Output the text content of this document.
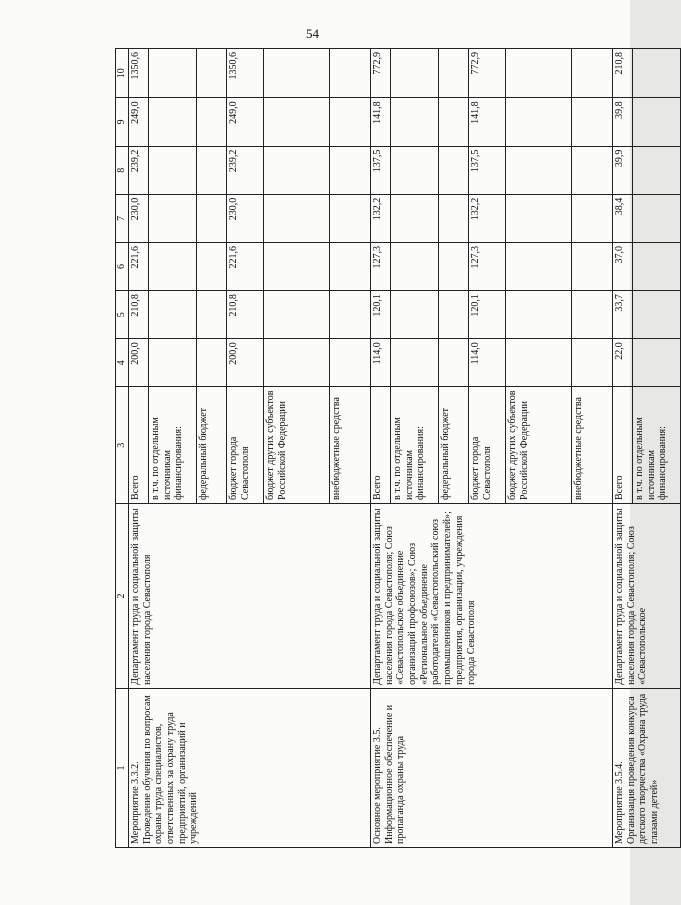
54
1	2	3	4	5	6	7	8	9	10
Мероприятие 3.3.2.
Проведение обучения по вопросам охраны труда специалистов, ответственных за охрану труда предприятий, организаций и учреждений	Департамент труда и социальной защиты населения города Севастополя	Всего	200,0	210,8	221,6	230,0	239,2	249,0	1350,6
		в т.ч. по отдельным источникам финансирования:							
		федеральный бюджет							
		бюджет города Севастополя	200,0	210,8	221,6	230,0	239,2	249,0	1350,6
		бюджет других субъектов Российской Федерации							
		внебюджетные средства							
Основное мероприятие 3.5.
Информационное обеспечение и пропаганда охраны труда	Департамент труда и социальной защиты населения города Севастополя; Союз «Севастопольское объединение организаций профсоюзов»; Союз «Региональное объединение работодателей «Севастопольский союз промышленников и предпринимателей»; предприятия, организации, учреждения города Севастополя	Всего	114,0	120,1	127,3	132,2	137,5	141,8	772,9
		в т.ч. по отдельным источникам финансирования:							
		федеральный бюджет							
		бюджет города Севастополя	114,0	120,1	127,3	132,2	137,5	141,8	772,9
		бюджет других субъектов Российской Федерации							
		внебюджетные средства							
Мероприятие 3.5.4.
Организация проведения конкурса детского творчества «Охрана труда глазами детей»	Департамент труда и социальной защиты населения города Севастополя; Союз «Севастопольское	Всего	22,0	33,7	37,0	38,4	39,9	39,8	210,8
		в т.ч. по отдельным источникам финансирования:							
